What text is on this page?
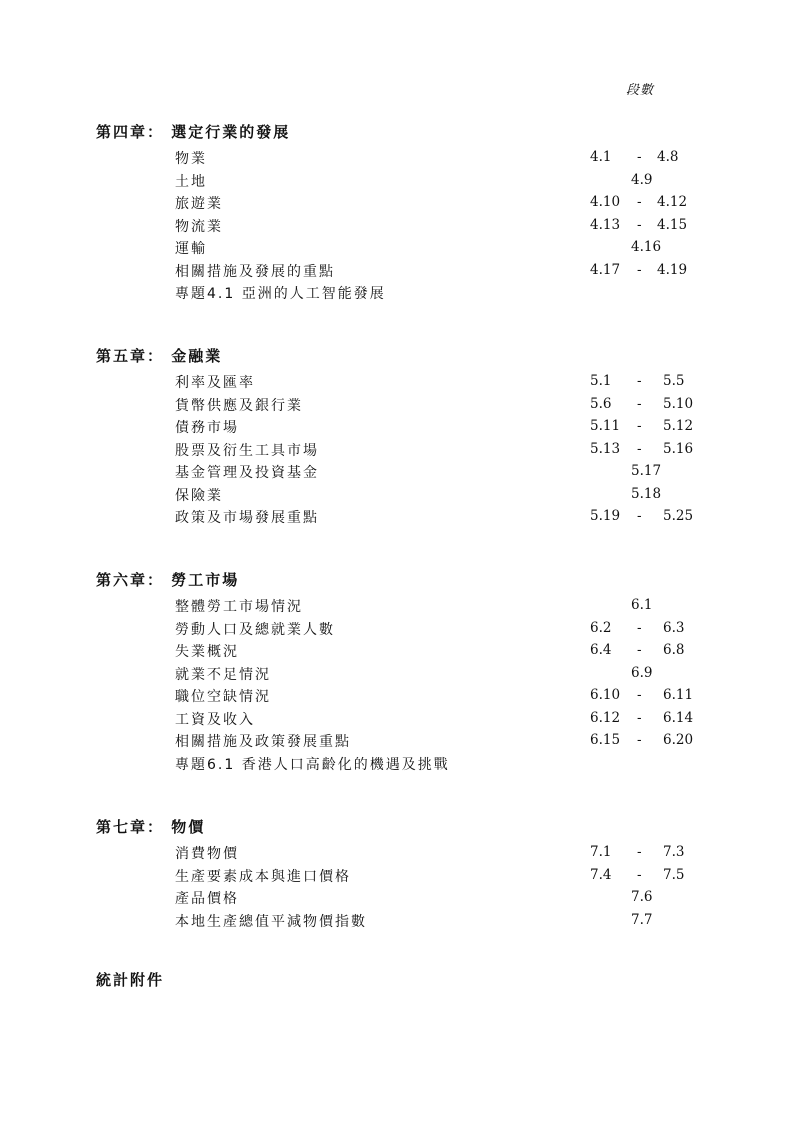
段數
第四章： 選定行業的發展
物業	4.1 - 4.8
土地	4.9
旅遊業	4.10 - 4.12
物流業	4.13 - 4.15
運輸	4.16
相關措施及發展的重點	4.17 - 4.19
專題4.1 亞洲的人工智能發展
第五章： 金融業
利率及匯率	5.1 - 5.5
貨幣供應及銀行業	5.6 - 5.10
債務市場	5.11 - 5.12
股票及衍生工具市場	5.13 - 5.16
基金管理及投資基金	5.17
保險業	5.18
政策及市場發展重點	5.19 - 5.25
第六章： 勞工市場
整體勞工市場情況	6.1
勞動人口及總就業人數	6.2 - 6.3
失業概況	6.4 - 6.8
就業不足情況	6.9
職位空缺情況	6.10 - 6.11
工資及收入	6.12 - 6.14
相關措施及政策發展重點	6.15 - 6.20
專題6.1 香港人口高齡化的機遇及挑戰
第七章： 物價
消費物價	7.1 - 7.3
生產要素成本與進口價格	7.4 - 7.5
產品價格	7.6
本地生產總值平減物價指數	7.7
統計附件
